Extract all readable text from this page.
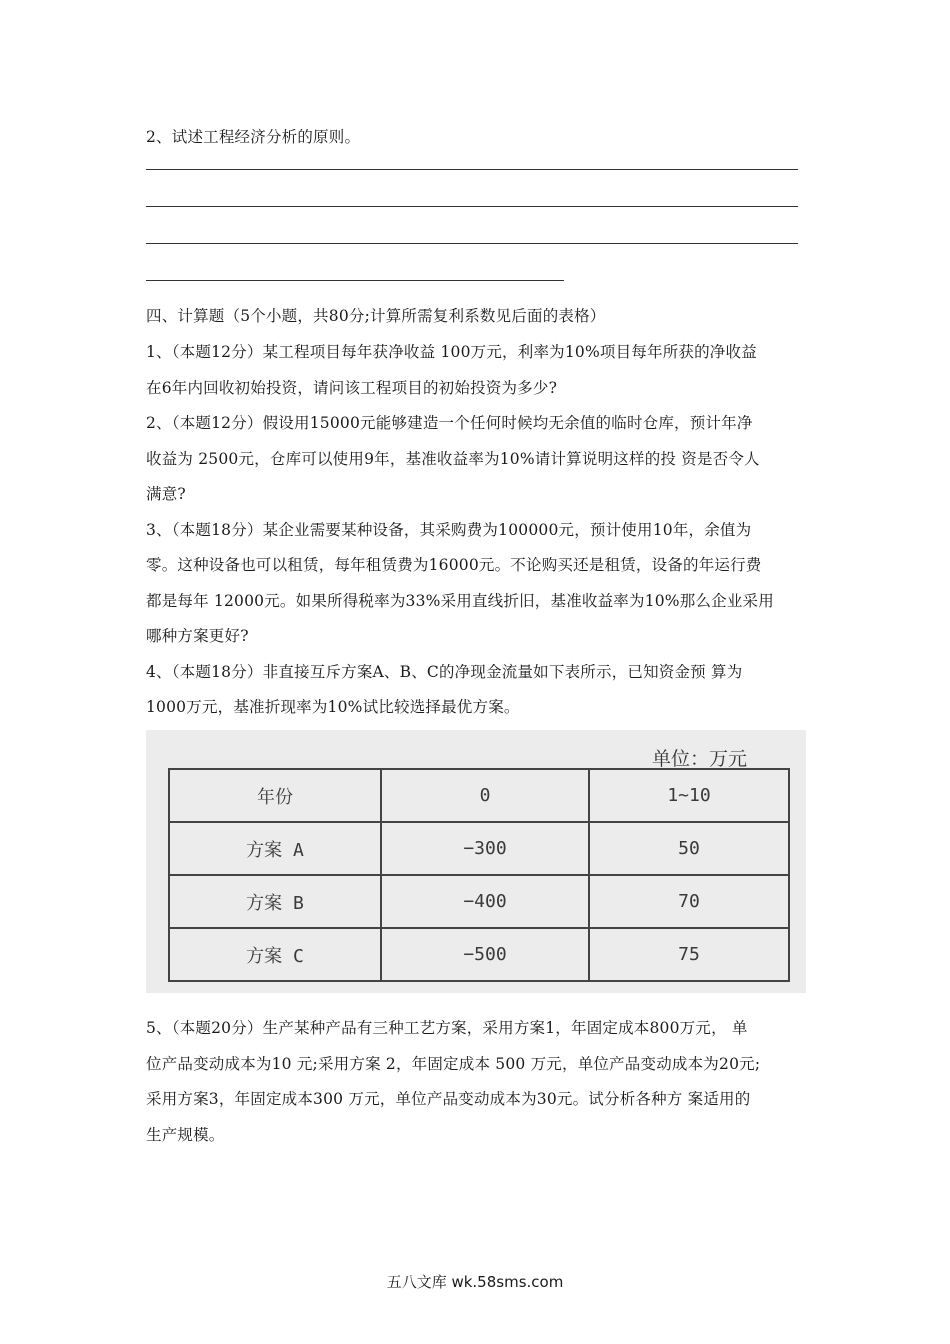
2、试述工程经济分析的原则。
四、计算题（5个小题，共80分;计算所需复利系数见后面的表格）
1、（本题12分）某工程项目每年获净收益 100万元，利率为10%项目每年所获的净收益
在6年内回收初始投资，请问该工程项目的初始投资为多少?
2、（本题12分）假设用15000元能够建造一个任何时候均无余值的临时仓库，预计年净
收益为 2500元，仓库可以使用9年，基准收益率为10%请计算说明这样的投 资是否令人
满意?
3、（本题18分）某企业需要某种设备，其采购费为100000元，预计使用10年，余值为
零。这种设备也可以租赁，每年租赁费为16000元。不论购买还是租赁，设备的年运行费
都是每年 12000元。如果所得税率为33%采用直线折旧，基准收益率为10%那么企业采用
哪种方案更好?
4、（本题18分）非直接互斥方案A、B、C的净现金流量如下表所示，已知资金预 算为
1000万元，基准折现率为10%试比较选择最优方案。
5、（本题20分）生产某种产品有三种工艺方案，采用方案1，年固定成本800万元， 单
位产品变动成本为10 元;采用方案 2，年固定成本 500 万元，单位产品变动成本为20元;
采用方案3，年固定成本300 万元，单位产品变动成本为30元。试分析各种方 案适用的
生产规模。
单位：万元
年份	0	1~10
方案 A	−300	50
方案 B	−400	70
方案 C	−500	75
五八文库 wk.58sms.com
